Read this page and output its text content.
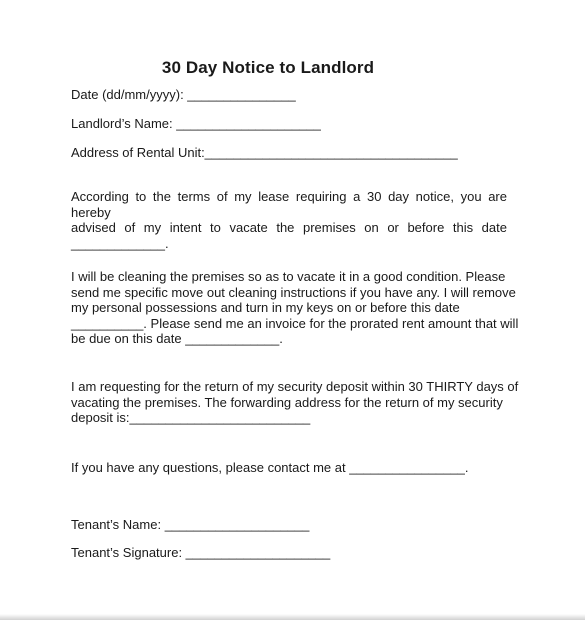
30 Day Notice to Landlord
Date (dd/mm/yyyy): _______________
Landlord’s Name: ____________________
Address of Rental Unit:___________________________________
According to the terms of my lease requiring a 30 day notice, you are hereby
advised of my intent to vacate the premises on or before this date
_____________.
I will be cleaning the premises so as to vacate it in a good condition. Please
send me specific move out cleaning instructions if you have any. I will remove
my personal possessions and turn in my keys on or before this date
__________. Please send me an invoice for the prorated rent amount that will
be due on this date _____________.
I am requesting for the return of my security deposit within 30 THIRTY days of
vacating the premises. The forwarding address for the return of my security
deposit is:_________________________
If you have any questions, please contact me at ________________.
Tenant’s Name: ____________________
Tenant’s Signature: ____________________
